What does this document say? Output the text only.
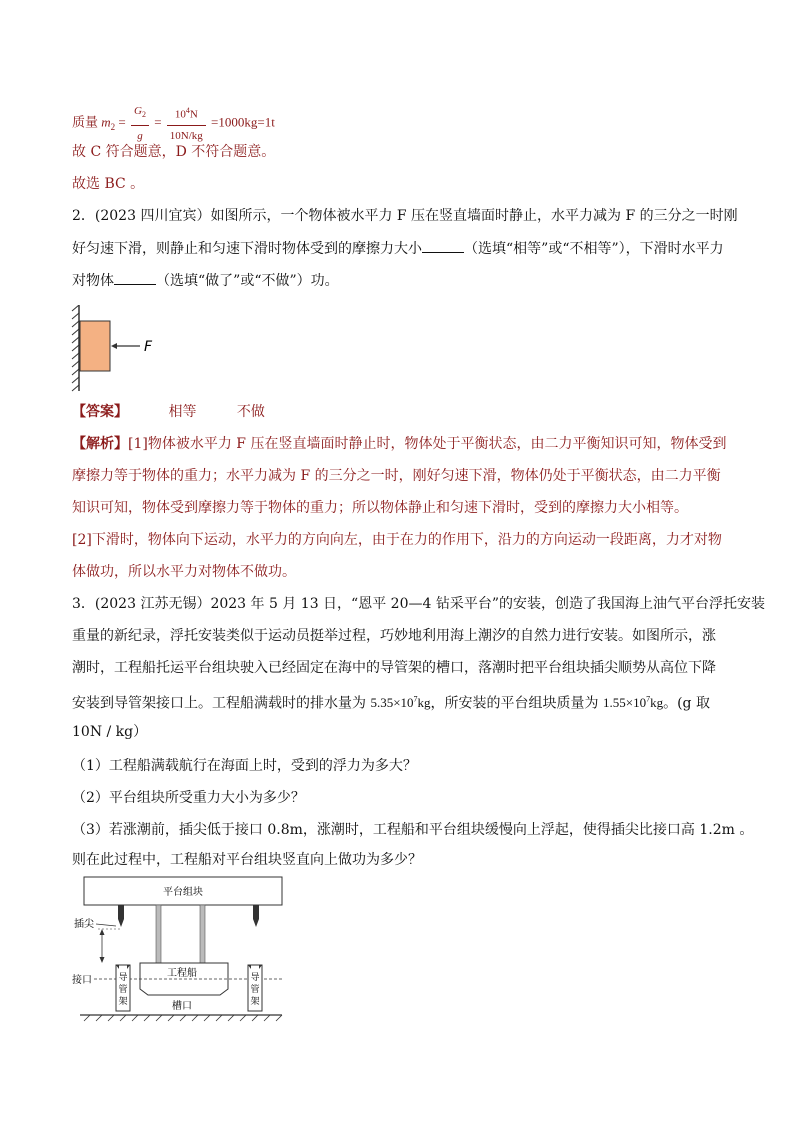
质量 $m_2 = \frac{G_2}{g} = \frac{10^4N}{10N/kg} =1000kg=1t$
故 C 符合题意，D 不符合题意。
故选 BC 。
2．(2023 四川宜宾）如图所示，一个物体被水平力 F 压在竖直墙面时静止，水平力减为 F 的三分之一时刚
好匀速下滑，则静止和匀速下滑时物体受到的摩擦力大小	（选填“相等”或“不相等”），下滑时水平力
对物体	（选填“做了”或“不做”）功。
F
【答案】	相等	不做
【解析】[1]物体被水平力 F 压在竖直墙面时静止时，物体处于平衡状态，由二力平衡知识可知，物体受到
摩擦力等于物体的重力；水平力减为 F 的三分之一时，刚好匀速下滑，物体仍处于平衡状态，由二力平衡
知识可知，物体受到摩擦力等于物体的重力；所以物体静止和匀速下滑时，受到的摩擦力大小相等。
[2]下滑时，物体向下运动，水平力的方向向左，由于在力的作用下，沿力的方向运动一段距离，力才对物
体做功，所以水平力对物体不做功。
3．(2023 江苏无锡）2023 年 5 月 13 日，“恩平 20—4 钻采平台”的安装，创造了我国海上油气平台浮托安装
重量的新纪录，浮托安装类似于运动员挺举过程，巧妙地利用海上潮汐的自然力进行安装。如图所示，涨
潮时，工程船托运平台组块驶入已经固定在海中的导管架的槽口，落潮时把平台组块插尖顺势从高位下降
安装到导管架接口上。工程船满载时的排水量为 $5.35\times 10^7kg$，所安装的平台组块质量为 $1.55\times 10^7kg$。(g 取
10N / kg）
（1）工程船满载航行在海面上时，受到的浮力为多大？
（2）平台组块所受重力大小为多少？
（3）若涨潮前，插尖低于接口 0.8m，涨潮时，工程船和平台组块缓慢向上浮起，使得插尖比接口高 1.2m 。
则在此过程中，工程船对平台组块竖直向上做功为多少？
平台组块
插尖
工程船
接口	导
管
架
导
管
架
槽口
